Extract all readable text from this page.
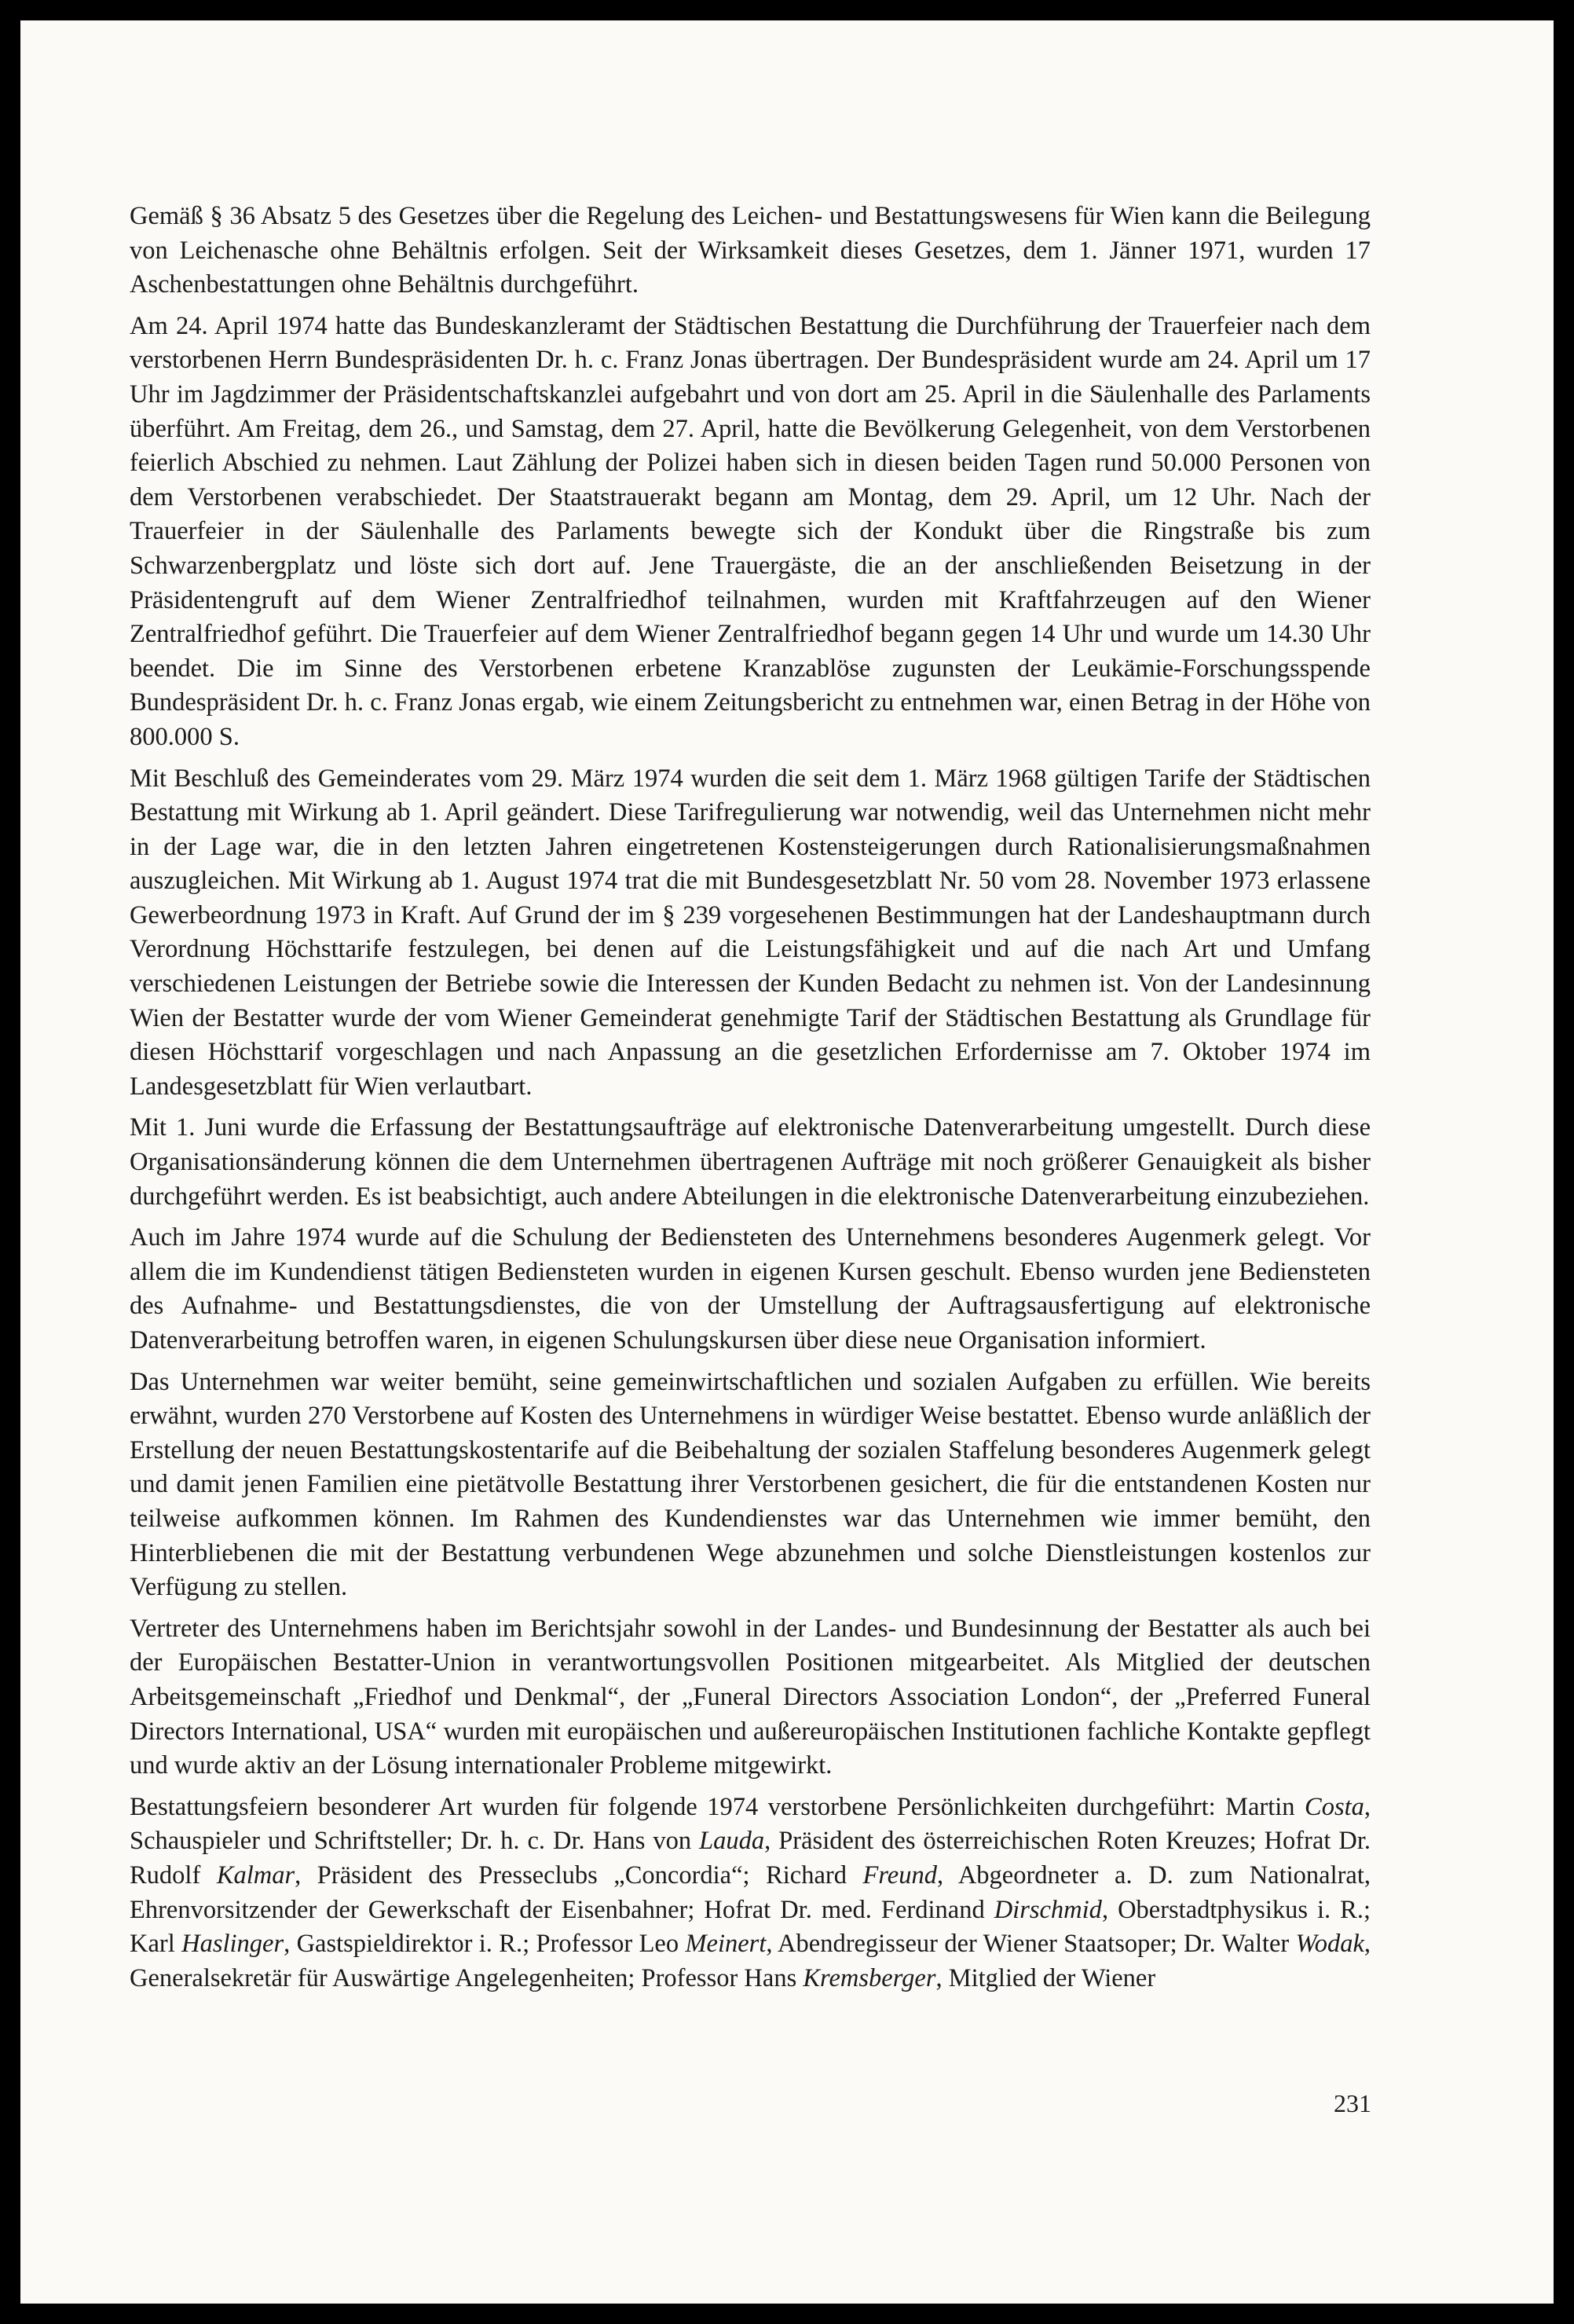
Gemäß § 36 Absatz 5 des Gesetzes über die Regelung des Leichen- und Bestattungswesens für Wien kann die Beilegung von Leichenasche ohne Behältnis erfolgen. Seit der Wirksamkeit dieses Gesetzes, dem 1. Jänner 1971, wurden 17 Aschenbestattungen ohne Behältnis durchgeführt.

Am 24. April 1974 hatte das Bundeskanzleramt der Städtischen Bestattung die Durchführung der Trauerfeier nach dem verstorbenen Herrn Bundespräsidenten Dr. h. c. Franz Jonas übertragen. Der Bundespräsident wurde am 24. April um 17 Uhr im Jagdzimmer der Präsidentschaftskanzlei aufgebahrt und von dort am 25. April in die Säulenhalle des Parlaments überführt. Am Freitag, dem 26., und Samstag, dem 27. April, hatte die Bevölkerung Gelegenheit, von dem Verstorbenen feierlich Abschied zu nehmen. Laut Zählung der Polizei haben sich in diesen beiden Tagen rund 50.000 Personen von dem Verstorbenen verabschiedet. Der Staatstrauerakt begann am Montag, dem 29. April, um 12 Uhr. Nach der Trauerfeier in der Säulenhalle des Parlaments bewegte sich der Kondukt über die Ringstraße bis zum Schwarzenbergplatz und löste sich dort auf. Jene Trauergäste, die an der anschließenden Beisetzung in der Präsidentengruft auf dem Wiener Zentralfriedhof teilnahmen, wurden mit Kraftfahrzeugen auf den Wiener Zentralfriedhof geführt. Die Trauerfeier auf dem Wiener Zentralfriedhof begann gegen 14 Uhr und wurde um 14.30 Uhr beendet. Die im Sinne des Verstorbenen erbetene Kranzablöse zugunsten der Leukämie-Forschungsspende Bundespräsident Dr. h. c. Franz Jonas ergab, wie einem Zeitungsbericht zu entnehmen war, einen Betrag in der Höhe von 800.000 S.

Mit Beschluß des Gemeinderates vom 29. März 1974 wurden die seit dem 1. März 1968 gültigen Tarife der Städtischen Bestattung mit Wirkung ab 1. April geändert. Diese Tarifregulierung war notwendig, weil das Unternehmen nicht mehr in der Lage war, die in den letzten Jahren eingetretenen Kostensteigerungen durch Rationalisierungsmaßnahmen auszugleichen. Mit Wirkung ab 1. August 1974 trat die mit Bundesgesetzblatt Nr. 50 vom 28. November 1973 erlassene Gewerbeordnung 1973 in Kraft. Auf Grund der im § 239 vorgesehenen Bestimmungen hat der Landeshauptmann durch Verordnung Höchsttarife festzulegen, bei denen auf die Leistungsfähigkeit und auf die nach Art und Umfang verschiedenen Leistungen der Betriebe sowie die Interessen der Kunden Bedacht zu nehmen ist. Von der Landesinnung Wien der Bestatter wurde der vom Wiener Gemeinderat genehmigte Tarif der Städtischen Bestattung als Grundlage für diesen Höchsttarif vorgeschlagen und nach Anpassung an die gesetzlichen Erfordernisse am 7. Oktober 1974 im Landesgesetzblatt für Wien verlautbart.

Mit 1. Juni wurde die Erfassung der Bestattungsaufträge auf elektronische Datenverarbeitung umgestellt. Durch diese Organisationsänderung können die dem Unternehmen übertragenen Aufträge mit noch größerer Genauigkeit als bisher durchgeführt werden. Es ist beabsichtigt, auch andere Abteilungen in die elektronische Datenverarbeitung einzubeziehen.

Auch im Jahre 1974 wurde auf die Schulung der Bediensteten des Unternehmens besonderes Augenmerk gelegt. Vor allem die im Kundendienst tätigen Bediensteten wurden in eigenen Kursen geschult. Ebenso wurden jene Bediensteten des Aufnahme- und Bestattungsdienstes, die von der Umstellung der Auftragsausfertigung auf elektronische Datenverarbeitung betroffen waren, in eigenen Schulungskursen über diese neue Organisation informiert.

Das Unternehmen war weiter bemüht, seine gemeinwirtschaftlichen und sozialen Aufgaben zu erfüllen. Wie bereits erwähnt, wurden 270 Verstorbene auf Kosten des Unternehmens in würdiger Weise bestattet. Ebenso wurde anläßlich der Erstellung der neuen Bestattungskostentarife auf die Beibehaltung der sozialen Staffelung besonderes Augenmerk gelegt und damit jenen Familien eine pietätvolle Bestattung ihrer Verstorbenen gesichert, die für die entstandenen Kosten nur teilweise aufkommen können. Im Rahmen des Kundendienstes war das Unternehmen wie immer bemüht, den Hinterbliebenen die mit der Bestattung verbundenen Wege abzunehmen und solche Dienstleistungen kostenlos zur Verfügung zu stellen.

Vertreter des Unternehmens haben im Berichtsjahr sowohl in der Landes- und Bundesinnung der Bestatter als auch bei der Europäischen Bestatter-Union in verantwortungsvollen Positionen mitgearbeitet. Als Mitglied der deutschen Arbeitsgemeinschaft „Friedhof und Denkmal“, der „Funeral Directors Association London“, der „Preferred Funeral Directors International, USA“ wurden mit europäischen und außereuropäischen Institutionen fachliche Kontakte gepflegt und wurde aktiv an der Lösung internationaler Probleme mitgewirkt.

Bestattungsfeiern besonderer Art wurden für folgende 1974 verstorbene Persönlichkeiten durchgeführt: Martin Costa, Schauspieler und Schriftsteller; Dr. h. c. Dr. Hans von Lauda, Präsident des österreichischen Roten Kreuzes; Hofrat Dr. Rudolf Kalmar, Präsident des Presseclubs „Concordia“; Richard Freund, Abgeordneter a. D. zum Nationalrat, Ehrenvorsitzender der Gewerkschaft der Eisenbahner; Hofrat Dr. med. Ferdinand Dirschmid, Oberstadtphysikus i. R.; Karl Haslinger, Gastspieldirektor i. R.; Professor Leo Meinert, Abendregisseur der Wiener Staatsoper; Dr. Walter Wodak, Generalsekretär für Auswärtige Angelegenheiten; Professor Hans Kremsberger, Mitglied der Wiener

231
